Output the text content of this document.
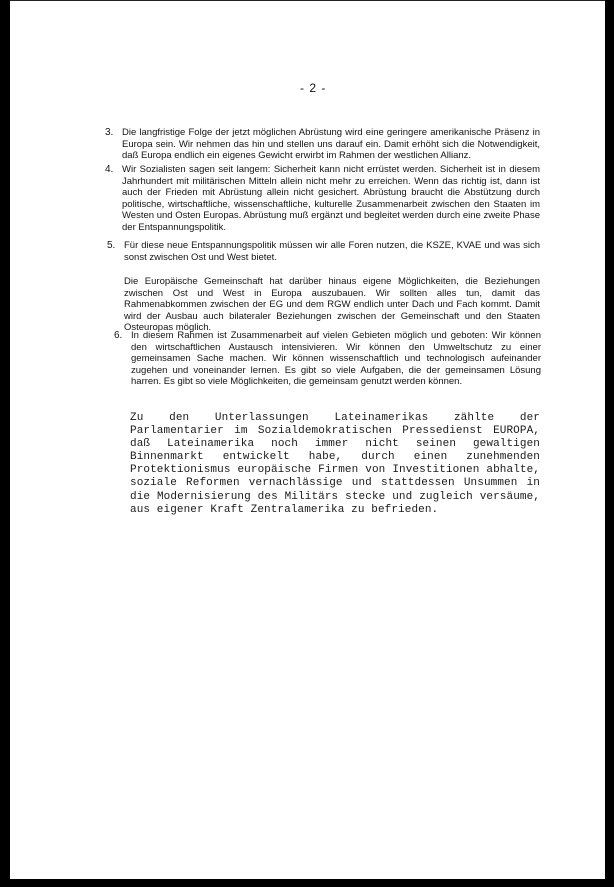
- 2 -
3. Die langfristige Folge der jetzt möglichen Abrüstung wird eine geringere amerikanische Präsenz in Europa sein. Wir nehmen das hin und stellen uns darauf ein. Damit erhöht sich die Notwendigkeit, daß Europa endlich ein eigenes Gewicht erwirbt im Rahmen der westlichen Allianz.
4. Wir Sozialisten sagen seit langem: Sicherheit kann nicht errüstet werden. Sicherheit ist in diesem Jahrhundert mit militärischen Mitteln allein nicht mehr zu erreichen. Wenn das richtig ist, dann ist auch der Frieden mit Abrüstung allein nicht gesichert. Abrüstung braucht die Abstützung durch politische, wirtschaftliche, wissenschaftliche, kulturelle Zusammenarbeit zwischen den Staaten im Westen und Osten Europas. Abrüstung muß ergänzt und begleitet werden durch eine zweite Phase der Entspannungspolitik.
5. Für diese neue Entspannungspolitik müssen wir alle Foren nutzen, die KSZE, KVAE und was sich sonst zwischen Ost und West bietet.
Die Europäische Gemeinschaft hat darüber hinaus eigene Möglichkeiten, die Beziehungen zwischen Ost und West in Europa auszubauen. Wir sollten alles tun, damit das Rahmenabkommen zwischen der EG und dem RGW endlich unter Dach und Fach kommt. Damit wird der Ausbau auch bilateraler Beziehungen zwischen der Gemeinschaft und den Staaten Osteuropas möglich.
6. In diesem Rahmen ist Zusammenarbeit auf vielen Gebieten möglich und geboten: Wir können den wirtschaftlichen Austausch intensivieren. Wir können den Umweltschutz zu einer gemeinsamen Sache machen. Wir können wissenschaftlich und technologisch aufeinander zugehen und voneinander lernen. Es gibt so viele Aufgaben, die der gemeinsamen Lösung harren. Es gibt so viele Möglichkeiten, die gemeinsam genutzt werden können.
Zu den Unterlassungen Lateinamerikas zählte der Parlamentarier im Sozialdemokratischen Pressedienst EUROPA, daß Lateinamerika noch immer nicht seinen gewaltigen Binnenmarkt entwickelt habe, durch einen zunehmenden Protektionismus europäische Firmen von Investitionen abhalte, soziale Reformen vernachlässige und stattdessen Unsummen in die Modernisierung des Militärs stecke und zugleich versäume, aus eigener Kraft Zentralamerika zu befrieden.
